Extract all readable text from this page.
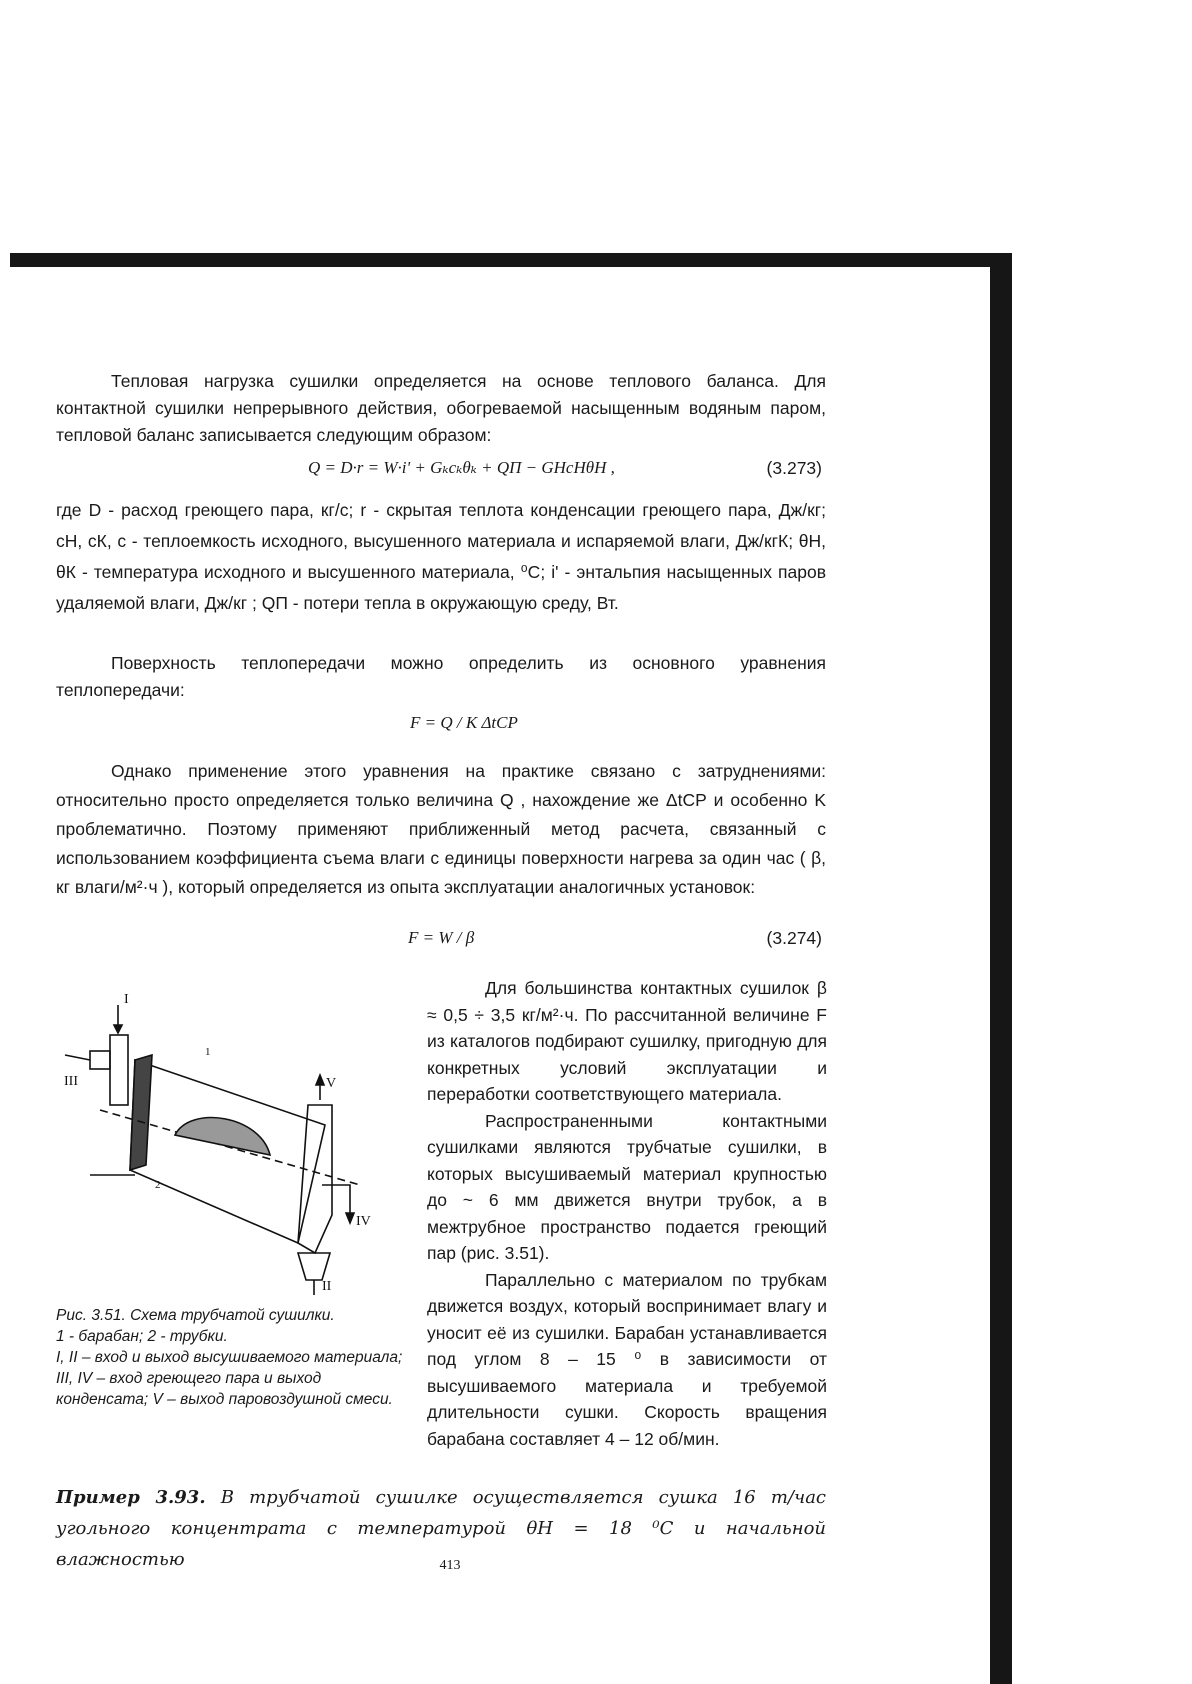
Тепловая нагрузка сушилки определяется на основе теплового баланса. Для контактной сушилки непрерывного действия, обогреваемой насыщенным водяным паром, тепловой баланс записывается следующим образом:
Q = D·r = W·i' + Gₖcₖθₖ + QП − GНcНθН ,	(3.273)
где D - расход греющего пара, кг/с; r - скрытая теплота конденсации греющего пара, Дж/кг; cН, cК, c - теплоемкость исходного, высушенного материала и испаряемой влаги, Дж/кгК; θН, θК - температура исходного и высушенного материала, ⁰C; i' - энтальпия насыщенных паров удаляемой влаги, Дж/кг ; QП - потери тепла в окружающую среду, Вт.
Поверхность теплопередачи можно определить из основного уравнения теплопередачи:
F = Q / K ΔtСР
Однако применение этого уравнения на практике связано с затруднениями: относительно просто определяется только величина Q , нахождение же ΔtСР и особенно K проблематично. Поэтому применяют приближенный метод расчета, связанный с использованием коэффициента съема влаги с единицы поверхности нагрева за один час ( β, кг влаги/м²·ч ), который определяется из опыта эксплуатации аналогичных установок:
F = W / β	(3.274)
I
II
III
IV
V
1
2

Для большинства контактных сушилок β ≈ 0,5 ÷ 3,5 кг/м²·ч. По рассчитанной величине F из каталогов подбирают сушилку, пригодную для конкретных условий эксплуатации и переработки соответствующего материала.

Распространенными контактными сушилками являются трубчатые сушилки, в которых высушиваемый материал крупностью до ~ 6 мм движется внутри трубок, а в межтрубное пространство подается греющий пар (рис. 3.51).

Параллельно с материалом по трубкам движется воздух, который воспринимает влагу и уносит её из сушилки. Барабан устанавливается под углом 8 – 15 ⁰ в зависимости от высушиваемого материала и требуемой длительности сушки. Скорость вращения барабана составляет 4 – 12 об/мин.

Рис. 3.51. Схема трубчатой сушилки.
1 - барабан; 2 - трубки.
I, II – вход и выход высушиваемого материала; III, IV – вход греющего пара и выход конденсата; V – выход паровоздушной смеси.
Пример 3.93. В трубчатой сушилке осуществляется сушка 16 т/час угольного концентрата с температурой θН = 18 ⁰C и начальной влажностью	413
